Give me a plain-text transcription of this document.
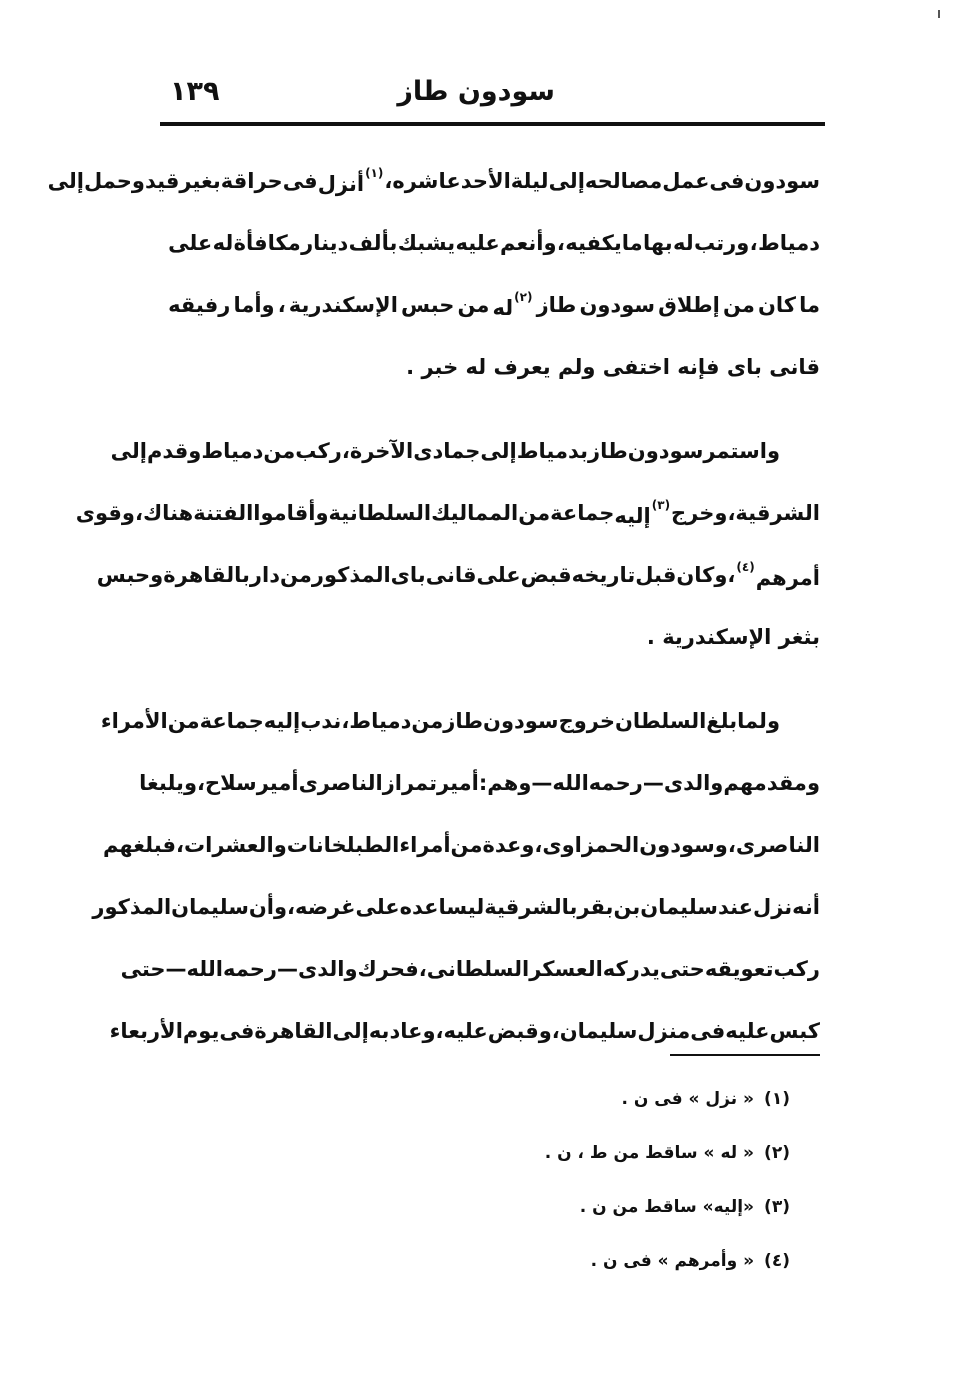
سودون طاز
١٣٩
سودون
فى
عمل
مصالحه
إلى
ليلة
الأحد
عاشره،
$^{(١)}$أنزل
فى
حراقة
بغير
قيد
وحمل
إلى
دمياط
،
ورتب
له
بها
مايكفيه
،
وأنعم
عليه
يشبك
بألف
دينار
مكافأة
له
على
ما
كان
من
إطلاق
سودون
طاز
$^{(٢)}$له
من
حبس
الإسكندرية
،
وأما
رفيقه
قانى

باى

فإنه

اختفى

ولم

يعرف

له

خبر

.
واستمر
سودون
طاز
بدمياط
إلى
جمادى
الآخرة،
ركب
من
دمياط
وقدم
إلى
الشرقية
،
وخرج
$^{(٣)}$إليه
جماعة
من
المماليك
السلطانية
وأقاموا
الفتنة
هناك
،
وقوى
أمرهم$^{(٤)}$
،
وكان
قبل
تاريخه
قبض
على
قانى
باى
المذكور
من
دار
بالقاهرة
وحبس
بثغر

الإسكندرية

.
ولما
بلغ
السلطان
خروج
سودون
طاز
من
دمياط
،
ندب
إليه
جماعة
من
الأمراء
ومقدمهم
والدى
—
رحمه
الله
—
وهم
:
أمير
تمراز
الناصرى
أمير
سلاح،
ويلبغا
الناصرى
،
وسودون
الحمزاوى
،
وعدة
من
أمراء
الطبلخانات
والعشرات
،
فبلغهم
أنه
نزل
عند
سليمان
بن
بقر
بالشرقية
ليساعده
على
غرضه
،
وأن
سليمان
المذكور
ركب
تعويقه
حتى
يدركه
العسكر
السلطانى
،
فحرك
والدى
—
رحمه
الله
—
حتى
كبس
عليه
فى
منزل
سليمان
،
وقبض
عليه
،
وعاد
به
إلى
القاهرة
فى
يوم
الأربعاء
(١)
« نزل » فى ن .
(٢)
« له » ساقط من ط ، ن .
(٣)
«إليه» ساقط من ن .
(٤)
« وأمرهم » فى ن .
